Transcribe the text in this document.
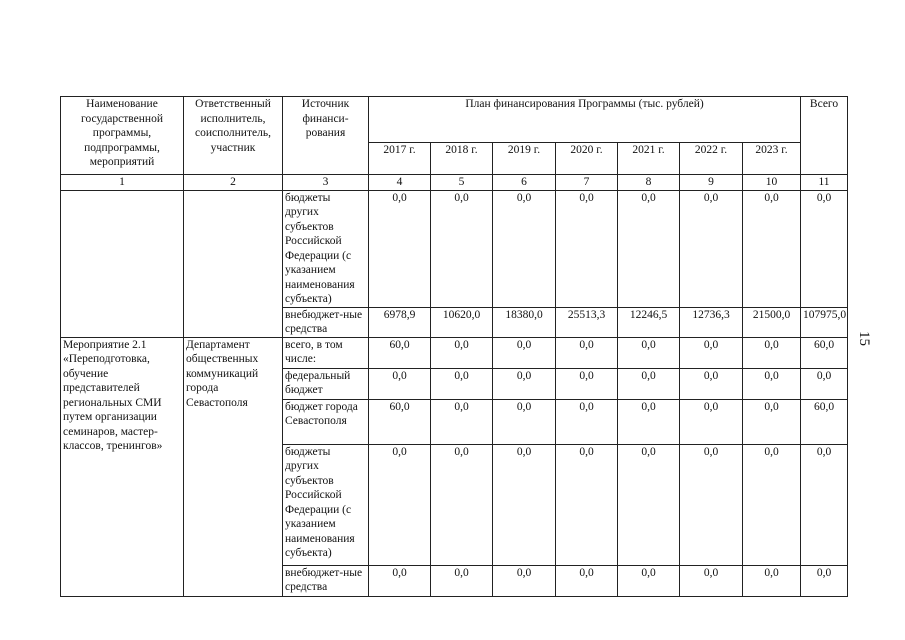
Наименование государственной программы, подпрограммы, мероприятий	Ответственный исполнитель, соисполнитель, участник	Источник финанси-рования	План финансирования Программы (тыс. рублей)							Всего
			2017 г.	2018 г.	2019 г.	2020 г.	2021 г.	2022 г.	2023 г.	
1	2	3	4	5	6	7	8	9	10	11
		бюджеты других субъектов Российской Федерации (с указанием наименования субъекта)	0,0	0,0	0,0	0,0	0,0	0,0	0,0	0,0
		внебюджет-ные средства	6978,9	10620,0	18380,0	25513,3	12246,5	12736,3	21500,0	107975,0
Мероприятие 2.1 «Переподготовка, обучение представителей региональных СМИ путем организации семинаров, мастер-классов, тренингов»	Департамент общественных коммуникаций города Севастополя	всего, в том числе:	60,0	0,0	0,0	0,0	0,0	0,0	0,0	60,0
		федеральный бюджет	0,0	0,0	0,0	0,0	0,0	0,0	0,0	0,0
		бюджет города Севастополя	60,0	0,0	0,0	0,0	0,0	0,0	0,0	60,0
		бюджеты других субъектов Российской Федерации (с указанием наименования субъекта)	0,0	0,0	0,0	0,0	0,0	0,0	0,0	0,0
		внебюджет-ные средства	0,0	0,0	0,0	0,0	0,0	0,0	0,0	0,0
15
